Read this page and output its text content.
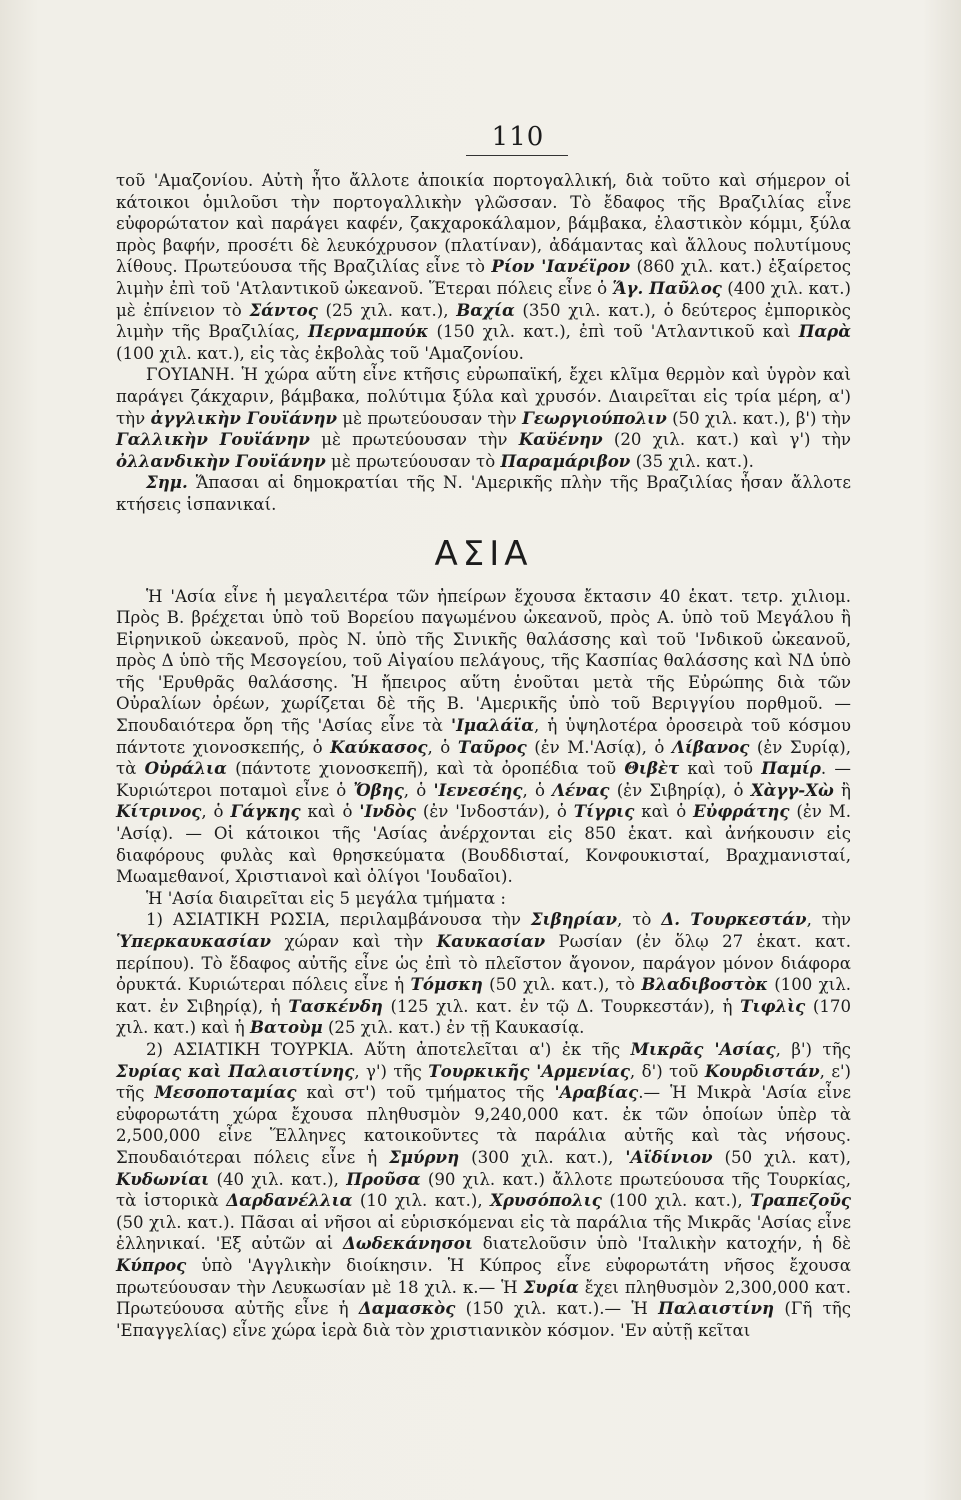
110

τοῦ 'Αμαζονίου. Αὐτὴ ἦτο ἄλλοτε ἀποικία πορτογαλλική, διὰ τοῦτο καὶ σήμερον οἱ κάτοικοι ὁμιλοῦσι τὴν πορτογαλλικὴν γλῶσσαν. Τὸ ἔδαφος τῆς Βραζιλίας εἶνε εὐφορώτατον καὶ παράγει καφέν, ζακχαροκάλαμον, βάμβακα, ἐλαστικὸν κόμμι, ξύλα πρὸς βαφήν, προσέτι δὲ λευκόχρυσον (πλατίναν), ἀδάμαντας καὶ ἄλλους πολυτίμους λίθους. Πρωτεύουσα τῆς Βραζιλίας εἶνε τὸ Ρίον 'Ιανέϊρον (860 χιλ. κατ.) ἐξαίρετος λιμὴν ἐπὶ τοῦ 'Ατλαντικοῦ ὠκεανοῦ. Ἕτεραι πόλεις εἶνε ὁ Ἅγ. Παῦλος (400 χιλ. κατ.) μὲ ἐπίνειον τὸ Σάντος (25 χιλ. κατ.), Βαχία (350 χιλ. κατ.), ὁ δεύτερος ἐμπορικὸς λιμὴν τῆς Βραζιλίας, Περναμπούκ (150 χιλ. κατ.), ἐπὶ τοῦ 'Ατλαντικοῦ καὶ Παρὰ (100 χιλ. κατ.), εἰς τὰς ἐκβολὰς τοῦ 'Αμαζονίου.

ΓΟΥΙΑΝΗ. Ἡ χώρα αὕτη εἶνε κτῆσις εὐρωπαϊκή, ἔχει κλῖμα θερμὸν καὶ ὑγρὸν καὶ παράγει ζάκχαριν, βάμβακα, πολύτιμα ξύλα καὶ χρυσόν. Διαιρεῖται εἰς τρία μέρη, α') τὴν ἀγγλικὴν Γουϊάνην μὲ πρωτεύουσαν τὴν Γεωργιούπολιν (50 χιλ. κατ.), β') τὴν Γαλλικὴν Γουϊάνην μὲ πρωτεύουσαν τὴν Καϋένην (20 χιλ. κατ.) καὶ γ') τὴν ὀλλανδικὴν Γουϊάνην μὲ πρωτεύουσαν τὸ Παραμάριβον (35 χιλ. κατ.).

Σημ. Ἅπασαι αἱ δημοκρατίαι τῆς Ν. 'Αμερικῆς πλὴν τῆς Βραζιλίας ἦσαν ἄλλοτε κτήσεις ἱσπανικαί.

ΑΣΙΑ

Ἡ 'Ασία εἶνε ἡ μεγαλειτέρα τῶν ἠπείρων ἔχουσα ἔκτασιν 40 ἑκατ. τετρ. χιλιομ. Πρὸς Β. βρέχεται ὑπὸ τοῦ Βορείου παγωμένου ὠκεανοῦ, πρὸς Α. ὑπὸ τοῦ Μεγάλου ἢ Εἰρηνικοῦ ὠκεανοῦ, πρὸς Ν. ὑπὸ τῆς Σινικῆς θαλάσσης καὶ τοῦ 'Ινδικοῦ ὠκεανοῦ, πρὸς Δ ὑπὸ τῆς Μεσογείου, τοῦ Αἰγαίου πελάγους, τῆς Κασπίας θαλάσσης καὶ ΝΔ ὑπὸ τῆς 'Ερυθρᾶς θαλάσσης. Ἡ ἤπειρος αὕτη ἑνοῦται μετὰ τῆς Εὐρώπης διὰ τῶν Οὐραλίων ὀρέων, χωρίζεται δὲ τῆς Β. 'Αμερικῆς ὑπὸ τοῦ Βεριγγίου πορθμοῦ. — Σπουδαιότερα ὄρη τῆς 'Ασίας εἶνε τὰ 'Ιμαλάϊα, ἡ ὑψηλοτέρα ὀροσειρὰ τοῦ κόσμου πάντοτε χιονοσκεπής, ὁ Καύκασος, ὁ Ταῦρος (ἐν Μ.'Ασίᾳ), ὁ Λίβανος (ἐν Συρίᾳ), τὰ Οὐράλια (πάντοτε χιονοσκεπῆ), καὶ τὰ ὀροπέδια τοῦ Θιβὲτ καὶ τοῦ Παμίρ. — Κυριώτεροι ποταμοὶ εἶνε ὁ Ὄβης, ὁ 'Ιενεσέης, ὁ Λένας (ἐν Σιβηρίᾳ), ὁ Χὰγγ-Χὼ ἢ Κίτρινος, ὁ Γάγκης καὶ ὁ 'Ινδὸς (ἐν 'Ινδοστάν), ὁ Τίγρις καὶ ὁ Εὐφράτης (ἐν Μ. 'Ασίᾳ). — Οἱ κάτοικοι τῆς 'Ασίας ἀνέρχονται εἰς 850 ἑκατ. καὶ ἀνήκουσιν εἰς διαφόρους φυλὰς καὶ θρησκεύματα (Βουδδισταί, Κονφουκισταί, Βραχμανισταί, Μωαμεθανοί, Χριστιανοὶ καὶ ὀλίγοι 'Ιουδαῖοι).

Ἡ 'Ασία διαιρεῖται εἰς 5 μεγάλα τμήματα :

1) ΑΣΙΑΤΙΚΗ ΡΩΣΙΑ, περιλαμβάνουσα τὴν Σιβηρίαν, τὸ Δ. Τουρκεστάν, τὴν Ὑπερκαυκασίαν χώραν καὶ τὴν Καυκασίαν Ρωσίαν (ἐν ὅλῳ 27 ἑκατ. κατ. περίπου). Τὸ ἔδαφος αὐτῆς εἶνε ὡς ἐπὶ τὸ πλεῖστον ἄγονον, παράγον μόνον διάφορα ὀρυκτά. Κυριώτεραι πόλεις εἶνε ἡ Τόμσκη (50 χιλ. κατ.), τὸ Βλαδιβοστὸκ (100 χιλ. κατ. ἐν Σιβηρίᾳ), ἡ Τασκένδη (125 χιλ. κατ. ἐν τῷ Δ. Τουρκεστάν), ἡ Τιφλὶς (170 χιλ. κατ.) καὶ ἡ Βατοὺμ (25 χιλ. κατ.) ἐν τῇ Καυκασίᾳ.

2) ΑΣΙΑΤΙΚΗ ΤΟΥΡΚΙΑ. Αὕτη ἀποτελεῖται α') ἐκ τῆς Μικρᾶς 'Ασίας, β') τῆς Συρίας καὶ Παλαιστίνης, γ') τῆς Τουρκικῆς 'Αρμενίας, δ') τοῦ Κουρδιστάν, ε') τῆς Μεσοποταμίας καὶ στ') τοῦ τμήματος τῆς 'Αραβίας.— Ἡ Μικρὰ 'Ασία εἶνε εὐφορωτάτη χώρα ἔχουσα πληθυσμὸν 9,240,000 κατ. ἐκ τῶν ὁποίων ὑπὲρ τὰ 2,500,000 εἶνε Ἕλληνες κατοικοῦντες τὰ παράλια αὐτῆς καὶ τὰς νήσους. Σπουδαιότεραι πόλεις εἶνε ἡ Σμύρνη (300 χιλ. κατ.), 'Αϊδίνιον (50 χιλ. κατ), Κυδωνίαι (40 χιλ. κατ.), Προῦσα (90 χιλ. κατ.) ἄλλοτε πρωτεύουσα τῆς Τουρκίας, τὰ ἱστορικὰ Δαρδανέλλια (10 χιλ. κατ.), Χρυσόπολις (100 χιλ. κατ.), Τραπεζοῦς (50 χιλ. κατ.). Πᾶσαι αἱ νῆσοι αἱ εὑρισκόμεναι εἰς τὰ παράλια τῆς Μικρᾶς 'Ασίας εἶνε ἑλληνικαί. 'Εξ αὐτῶν αἱ Δωδεκάνησοι διατελοῦσιν ὑπὸ 'Ιταλικὴν κατοχήν, ἡ δὲ Κύπρος ὑπὸ 'Αγγλικὴν διοίκησιν. Ἡ Κύπρος εἶνε εὐφορωτάτη νῆσος ἔχουσα πρωτεύουσαν τὴν Λευκωσίαν μὲ 18 χιλ. κ.— Ἡ Συρία ἔχει πληθυσμὸν 2,300,000 κατ. Πρωτεύουσα αὐτῆς εἶνε ἡ Δαμασκὸς (150 χιλ. κατ.).— Ἡ Παλαιστίνη (Γῆ τῆς 'Επαγγελίας) εἶνε χώρα ἱερὰ διὰ τὸν χριστιανικὸν κόσμον. 'Εν αὐτῇ κεῖται
